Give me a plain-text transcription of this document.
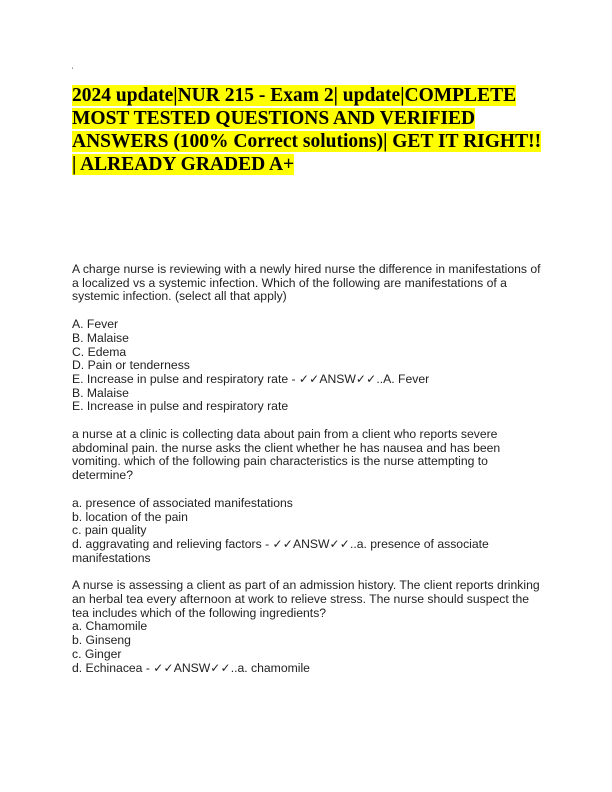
'
2024 update|NUR 215 - Exam 2| update|COMPLETE MOST TESTED QUESTIONS AND VERIFIED ANSWERS (100% Correct solutions)| GET IT RIGHT!! | ALREADY GRADED A+
A charge nurse is reviewing with a newly hired nurse the difference in manifestations of a localized vs a systemic infection. Which of the following are manifestations of a systemic infection. (select all that apply)
A. Fever
B. Malaise
C. Edema
D. Pain or tenderness
E. Increase in pulse and respiratory rate - ✓✓ANSW✓✓..A. Fever
B. Malaise
E. Increase in pulse and respiratory rate
a nurse at a clinic is collecting data about pain from a client who reports severe abdominal pain. the nurse asks the client whether he has nausea and has been vomiting. which of the following pain characteristics is the nurse attempting to determine?
a. presence of associated manifestations
b. location of the pain
c. pain quality
d. aggravating and relieving factors - ✓✓ANSW✓✓..a. presence of associate manifestations
A nurse is assessing a client as part of an admission history. The client reports drinking an herbal tea every afternoon at work to relieve stress. The nurse should suspect the tea includes which of the following ingredients?
a. Chamomile
b. Ginseng
c. Ginger
d. Echinacea - ✓✓ANSW✓✓..a. chamomile
